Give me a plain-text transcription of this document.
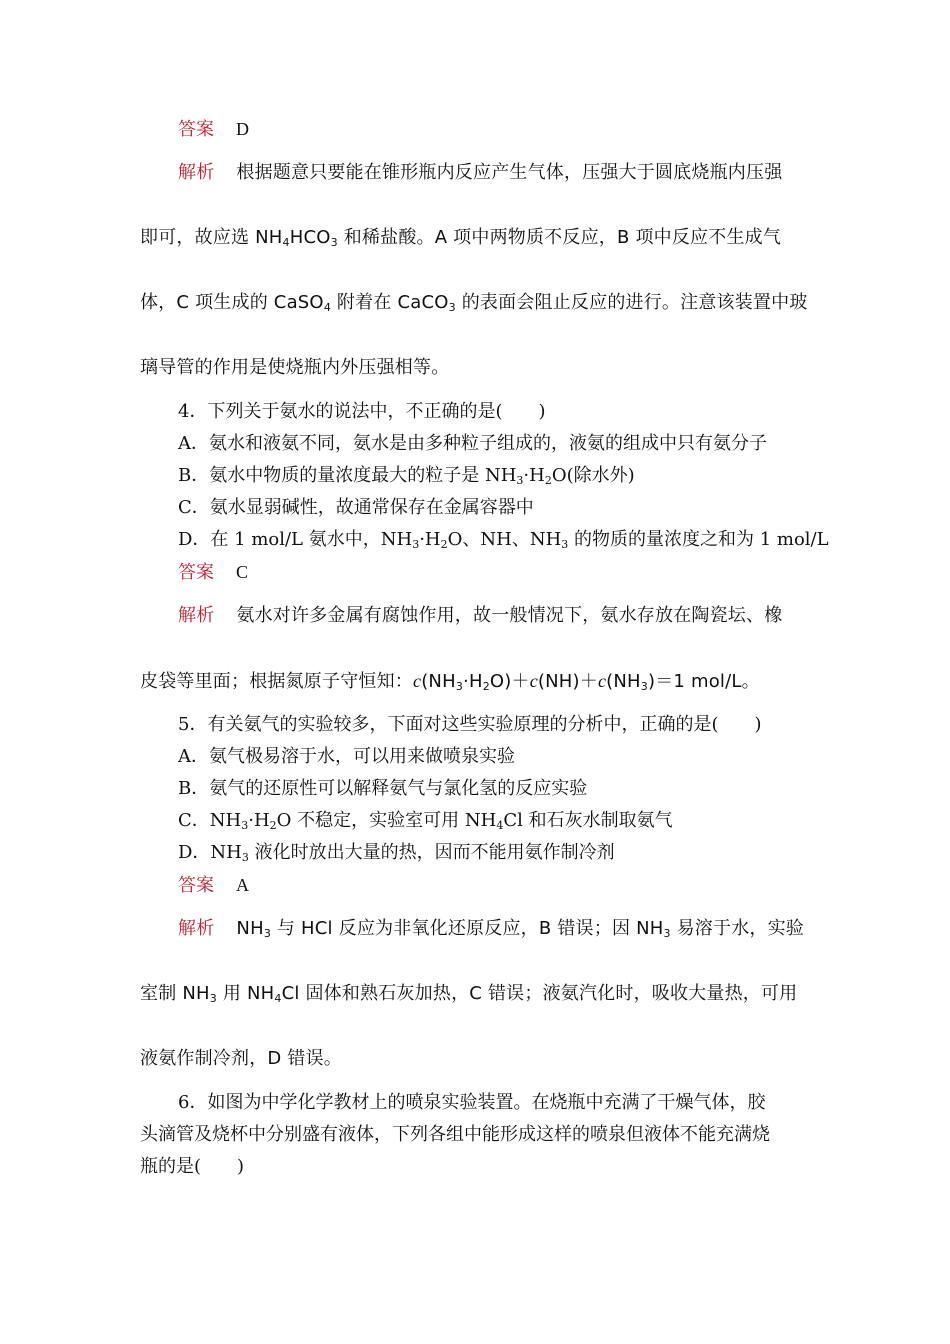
答案 D
解析 根据题意只要能在锥形瓶内反应产生气体，压强大于圆底烧瓶内压强
即可，故应选 $NH_4HCO_3$ 和稀盐酸。A 项中两物质不反应，B 项中反应不生成气
体，C 项生成的 CaSO$_4$ 附着在 CaCO$_3$ 的表面会阻止反应的进行。注意该装置中玻
璃导管的作用是使烧瓶内外压强相等。
4．下列关于氨水的说法中，不正确的是(　　)
A．氨水和液氨不同，氨水是由多种粒子组成的，液氨的组成中只有氨分子
B．氨水中物质的量浓度最大的粒子是 $NH_3\cdot H_2O$(除水外)
C．氨水显弱碱性，故通常保存在金属容器中
D．在 1 mol/L 氨水中，$NH_3\cdot H_2O$、NH、$NH_3$ 的物质的量浓度之和为 1 mol/L
答案 C
解析 氨水对许多金属有腐蚀作用，故一般情况下，氨水存放在陶瓷坛、橡
皮袋等里面；根据氮原子守恒知：$c(NH_3\cdot H_2O)+c(NH)+c(NH_3)=1$ mol/L。
5．有关氨气的实验较多，下面对这些实验原理的分析中，正确的是(　　)
A．氨气极易溶于水，可以用来做喷泉实验
B．氨气的还原性可以解释氨气与氯化氢的反应实验
C．$NH_3\cdot H_2O$ 不稳定，实验室可用 $NH_4Cl$ 和石灰水制取氨气
D．$NH_3$ 液化时放出大量的热，因而不能用氨作制冷剂
答案 A
解析 $NH_3$ 与 HCl 反应为非氧化还原反应，B 错误；因 $NH_3$ 易溶于水，实验
室制 $NH_3$ 用 $NH_4Cl$ 固体和熟石灰加热，C 错误；液氨汽化时，吸收大量热，可用
液氨作制冷剂，D 错误。
6．如图为中学化学教材上的喷泉实验装置。在烧瓶中充满了干燥气体，胶
头滴管及烧杯中分别盛有液体，下列各组中能形成这样的喷泉但液体不能充满烧
瓶的是(　　)
